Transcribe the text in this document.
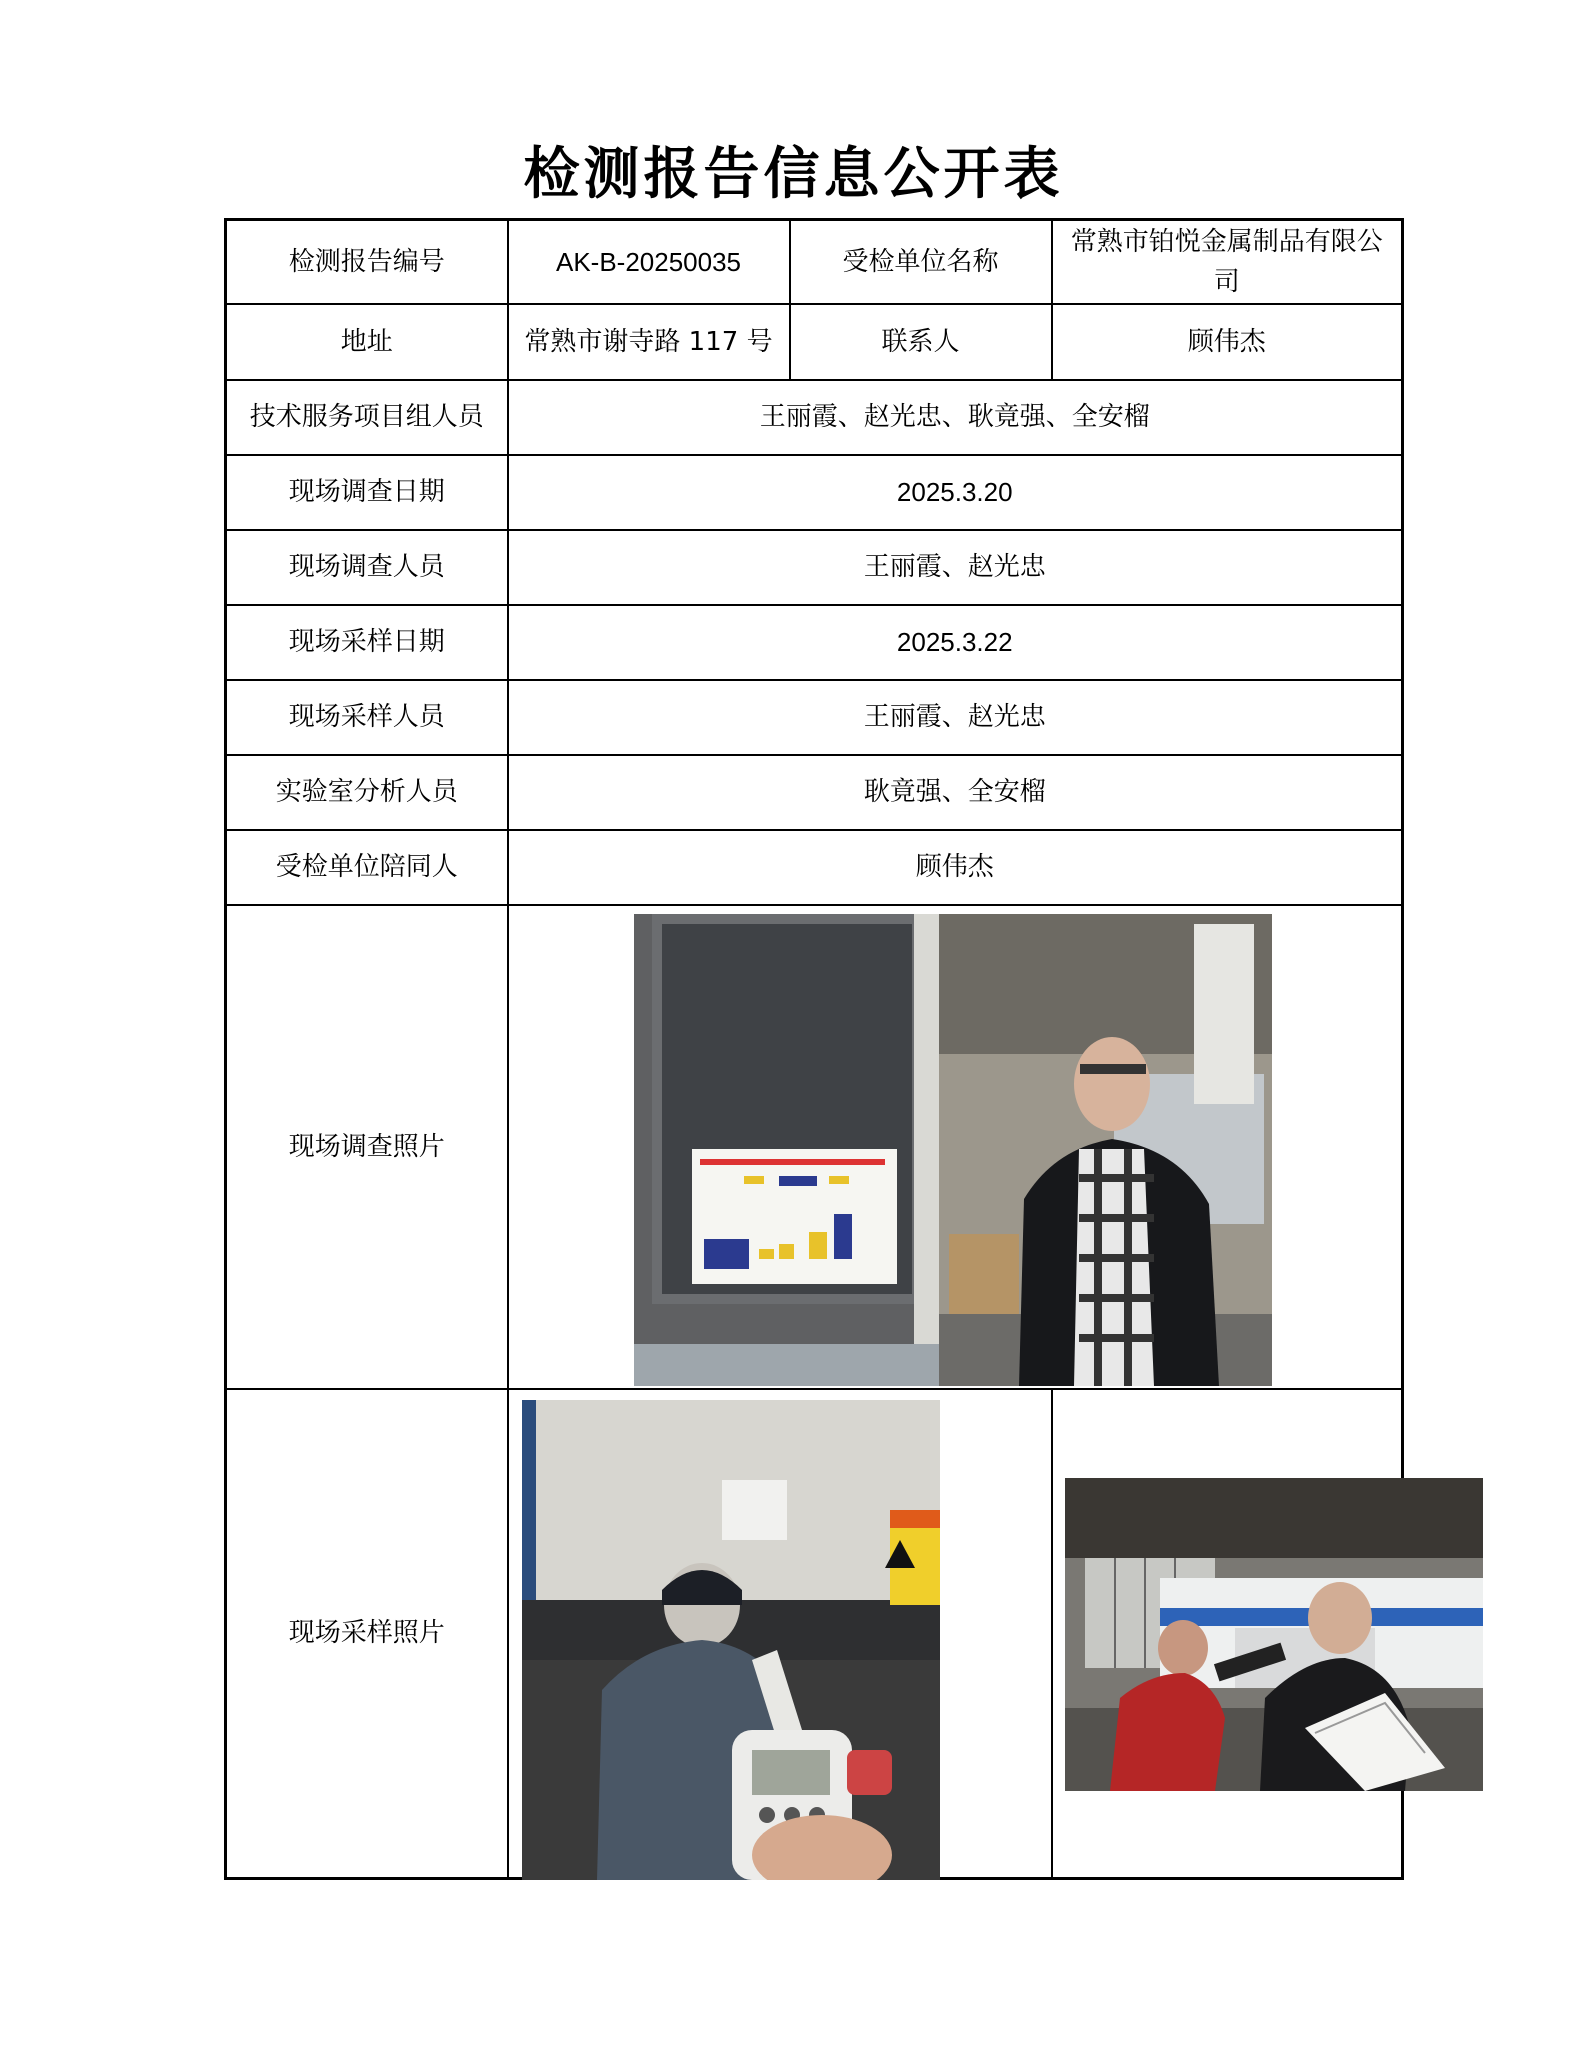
检测报告信息公开表
检测报告编号	AK-B-20250035	受检单位名称	常熟市铂悦金属制品有限公司
地址	常熟市谢寺路 117 号	联系人	顾伟杰
技术服务项目组人员	王丽霞、赵光忠、耿竟强、全安榴		
现场调查日期	2025.3.20		
现场调查人员	王丽霞、赵光忠		
现场采样日期	2025.3.22		
现场采样人员	王丽霞、赵光忠		
实验室分析人员	耿竟强、全安榴		
受检单位陪同人	顾伟杰		
现场调查照片	

现场采样照片	
